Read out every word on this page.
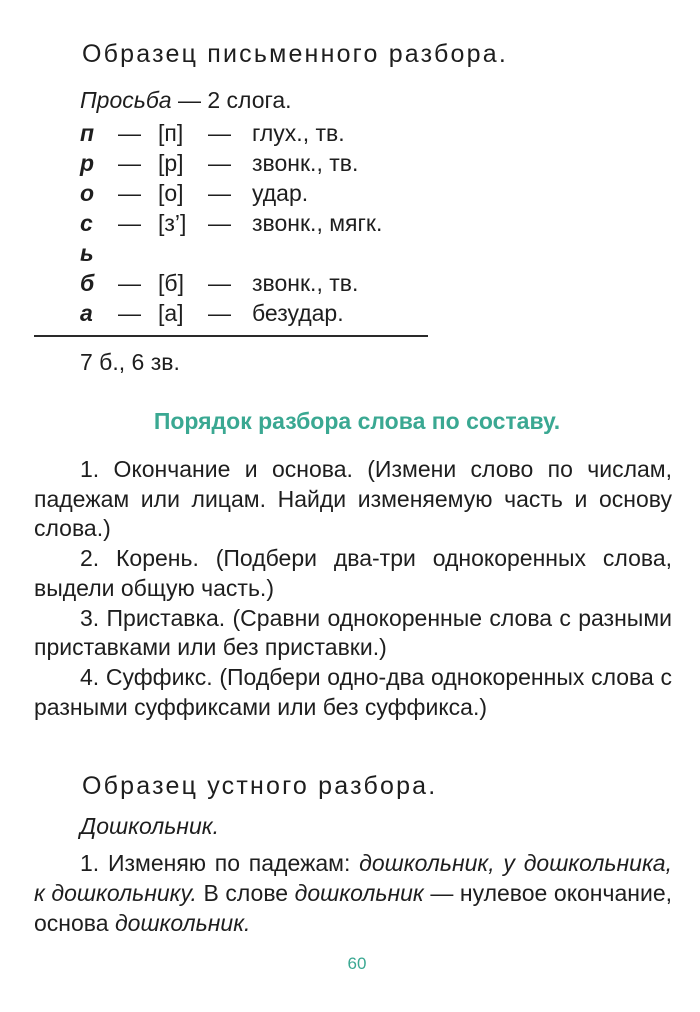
Образец письменного разбора.
Просьба — 2 слога.
п — [п] — глух., тв.
р — [р] — звонк., тв.
о — [о] — удар.
с — [з’] — звонк., мягк.
ь
б — [б] — звонк., тв.
а — [а] — безудар.
7 б., 6 зв.
Порядок разбора слова по составу.

1. Окончание и основа. (Измени слово по числам, падежам или лицам. Найди изменяемую часть и основу слова.)

2. Корень. (Подбери два-три однокоренных слова, выдели общую часть.)

3. Приставка. (Сравни однокоренные слова с разными приставками или без приставки.)

4. Суффикс. (Подбери одно-два однокоренных слова с разными суффиксами или без суффикса.)

Образец устного разбора.
Дошкольник.

1. Изменяю по падежам: дошкольник, у дошкольника, к дошкольнику. В слове дошкольник — нулевое окончание, основа дошкольник.

60
